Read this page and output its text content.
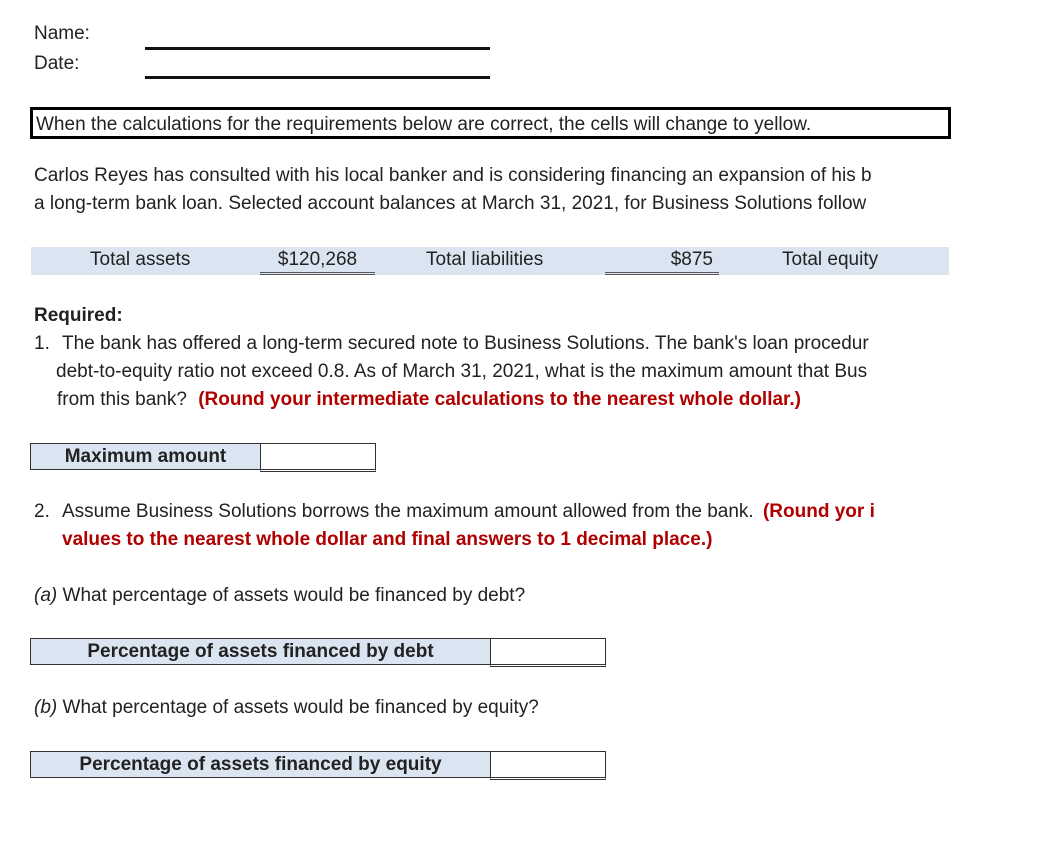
Name:
Date:
When the calculations for the requirements below are correct, the cells will change to yellow.
Carlos Reyes has consulted with his local banker and is considering financing an expansion of his b
a long-term bank loan. Selected account balances at March 31, 2021, for Business Solutions follow
Total assets	$120,268	Total liabilities	$875	Total equity
Required:
1. The bank has offered a long-term secured note to Business Solutions. The bank's loan procedur
debt-to-equity ratio not exceed 0.8. As of March 31, 2021, what is the maximum amount that Bus
from this bank? (Round your intermediate calculations to the nearest whole dollar.)
Maximum amount
2. Assume Business Solutions borrows the maximum amount allowed from the bank. (Round yor i
values to the nearest whole dollar and final answers to 1 decimal place.)
(a) What percentage of assets would be financed by debt?
Percentage of assets financed by debt
(b) What percentage of assets would be financed by equity?
Percentage of assets financed by equity
